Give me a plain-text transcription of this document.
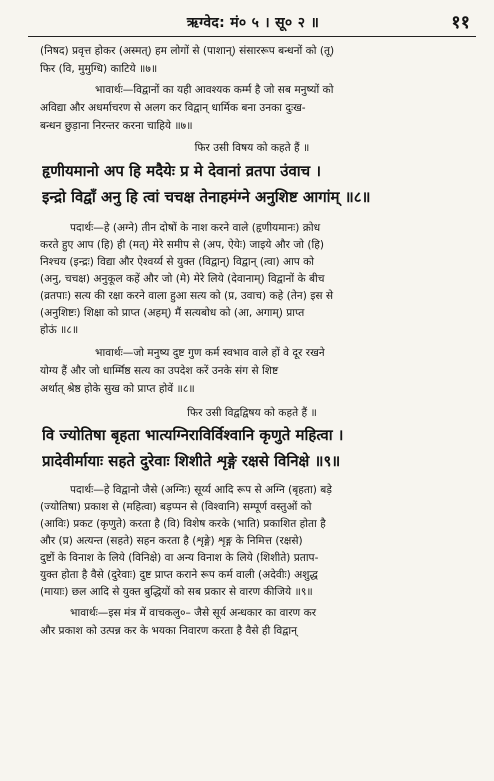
ऋग्वेद: मं० ५ । सू० २ ॥	११
(निषद) प्रवृत्त होकर (अस्मत्) हम लोगों से (पाशान्) संसाररूप बन्धनों को (तू)
फिर (वि, मुमुग्धि) काटिये ॥७॥
भावार्थः—विद्वानों का यही आवश्यक कर्म्म है जो सब मनुष्यों को
अविद्या और अधर्माचरण से अलग कर विद्वान् धार्मिक बना उनका दुःख-
बन्धन छुड़ाना निरन्तर करना चाहिये ॥७॥
फिर उसी विषय को कहते हैं ॥
हृणीयमानो अप हि मदैयेः प्र मे देवानां व्रतपा उंवाच ।
इन्द्रो विद्वाँ अनु हि त्वां चचक्ष तेनाहमंग्ने अनुशिष्ट आगांम् ॥८॥
पदार्थः—हे (अग्ने) तीन दोषों के नाश करने वाले (हृणीयमानः) क्रोध
करते हुए आप (हि) ही (मत्) मेरे समीप से (अप, ऐयेः) जाइये और जो (हि)
निश्चय (इन्द्रः) विद्या और ऐश्वर्य्य से युक्त (विद्वान्) विद्वान् (त्वा) आप को
(अनु, चचक्ष) अनुकूल कहें और जो (मे) मेरे लिये (देवानाम्) विद्वानों के बीच
(व्रतपाः) सत्य की रक्षा करने वाला हुआ सत्य को (प्र, उवाच) कहे (तेन) इस से
(अनुशिष्टः) शिक्षा को प्राप्त (अहम्) मैं सत्यबोध को (आ, अगाम्) प्राप्त
होऊं ॥८॥
भावार्थः—जो मनुष्य दुष्ट गुण कर्म स्वभाव वाले हों वे दूर रखने
योग्य हैं और जो धार्म्मिष्ठ सत्य का उपदेश करें उनके संग से शिष्ट
अर्थात् श्रेष्ठ होके सुख को प्राप्त होवें ॥८॥
फिर उसी विद्वद्विषय को कहते हैं ॥
वि ज्योतिषा बृहता भात्यग्निराविर्विश्वानि कृणुते महित्वा ।
प्रादेवीर्मायाः सहते दुरेवाः शिशीते शृङ्गे रक्षसे विनिक्षे ॥९॥
पदार्थः—हे विद्वानो जैसे (अग्निः) सूर्य्य आदि रूप से अग्नि (बृहता) बड़े
(ज्योतिषा) प्रकाश से (महित्वा) बड़प्पन से (विश्वानि) सम्पूर्ण वस्तुओं को
(आविः) प्रकट (कृणुते) करता है (वि) विशेष करके (भाति) प्रकाशित होता है
और (प्र) अत्यन्त (सहते) सहन करता है (शृङ्गे) शृङ्ग के निमित्त (रक्षसे)
दुष्टों के विनाश के लिये (विनिक्षे) वा अन्य विनाश के लिये (शिशीते) प्रताप-
युक्त होता है वैसे (दुरेवाः) दुष्ट प्राप्त कराने रूप कर्म वाली (अदेवीः) अशुद्ध
(मायाः) छल आदि से युक्त बुद्धियों को सब प्रकार से वारण कीजिये ॥९॥
भावार्थः—इस मंत्र में वाचकलु०– जैसे सूर्य अन्धकार का वारण कर
और प्रकाश को उत्पन्न कर के भयका निवारण करता है वैसे ही विद्वान्
